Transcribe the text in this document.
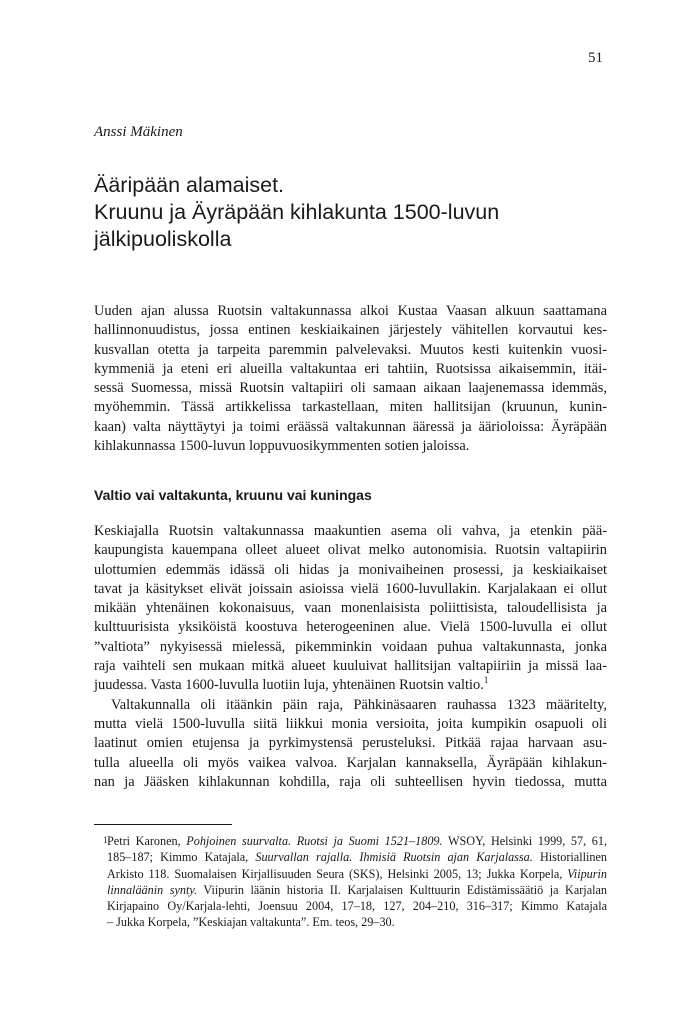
51
Anssi Mäkinen
Ääripään alamaiset.
Kruunu ja Äyräpään kihlakunta 1500-luvun
jälkipuoliskolla
Uuden ajan alussa Ruotsin valtakunnassa alkoi Kustaa Vaasan alkuun saattamana
hallinnonuudistus, jossa entinen keskiaikainen järjestely vähitellen korvautui kes-
kusvallan otetta ja tarpeita paremmin palvelevaksi. Muutos kesti kuitenkin vuosi-
kymmeniä ja eteni eri alueilla valtakuntaa eri tahtiin, Ruotsissa aikaisemmin, itäi-
sessä Suomessa, missä Ruotsin valtapiiri oli samaan aikaan laajenemassa idemmäs,
myöhemmin. Tässä artikkelissa tarkastellaan, miten hallitsijan (kruunun, kunin-
kaan) valta näyttäytyi ja toimi eräässä valtakunnan ääressä ja äärioloissa: Äyräpään
kihlakunnassa 1500-luvun loppuvuosikymmenten sotien jaloissa.
Valtio vai valtakunta, kruunu vai kuningas
Keskiajalla Ruotsin valtakunnassa maakuntien asema oli vahva, ja etenkin pää-
kaupungista kauempana olleet alueet olivat melko autonomisia. Ruotsin valtapiirin
ulottumien edemmäs idässä oli hidas ja monivaiheinen prosessi, ja keskiaikaiset
tavat ja käsitykset elivät joissain asioissa vielä 1600-luvullakin. Karjalakaan ei ollut
mikään yhtenäinen kokonaisuus, vaan monenlaisista poliittisista, taloudellisista ja
kulttuurisista yksiköistä koostuva heterogeeninen alue. Vielä 1500-luvulla ei ollut
”valtiota” nykyisessä mielessä, pikemminkin voidaan puhua valtakunnasta, jonka
raja vaihteli sen mukaan mitkä alueet kuuluivat hallitsijan valtapiiriin ja missä laa-
juudessa. Vasta 1600-luvulla luotiin luja, yhtenäinen Ruotsin valtio.$^1$
Valtakunnalla oli itäänkin päin raja, Pähkinäsaaren rauhassa 1323 määritelty,
mutta vielä 1500-luvulla siitä liikkui monia versioita, joita kumpikin osapuoli oli
laatinut omien etujensa ja pyrkimystensä perusteluksi. Pitkää rajaa harvaan asu-
tulla alueella oli myös vaikea valvoa. Karjalan kannaksella, Äyräpään kihlakun-
nan ja Jääsken kihlakunnan kohdilla, raja oli suhteellisen hyvin tiedossa, mutta
1 Petri Karonen, Pohjoinen suurvalta. Ruotsi ja Suomi 1521–1809. WSOY, Helsinki 1999, 57, 61,
185–187; Kimmo Katajala, Suurvallan rajalla. Ihmisiä Ruotsin ajan Karjalassa. Historiallinen
Arkisto 118. Suomalaisen Kirjallisuuden Seura (SKS), Helsinki 2005, 13; Jukka Korpela, Viipurin
linnaläänin synty. Viipurin läänin historia II. Karjalaisen Kulttuurin Edistämissäätiö ja Karjalan
Kirjapaino Oy/Karjala-lehti, Joensuu 2004, 17–18, 127, 204–210, 316–317; Kimmo Katajala
– Jukka Korpela, ”Keskiajan valtakunta”. Em. teos, 29–30.
